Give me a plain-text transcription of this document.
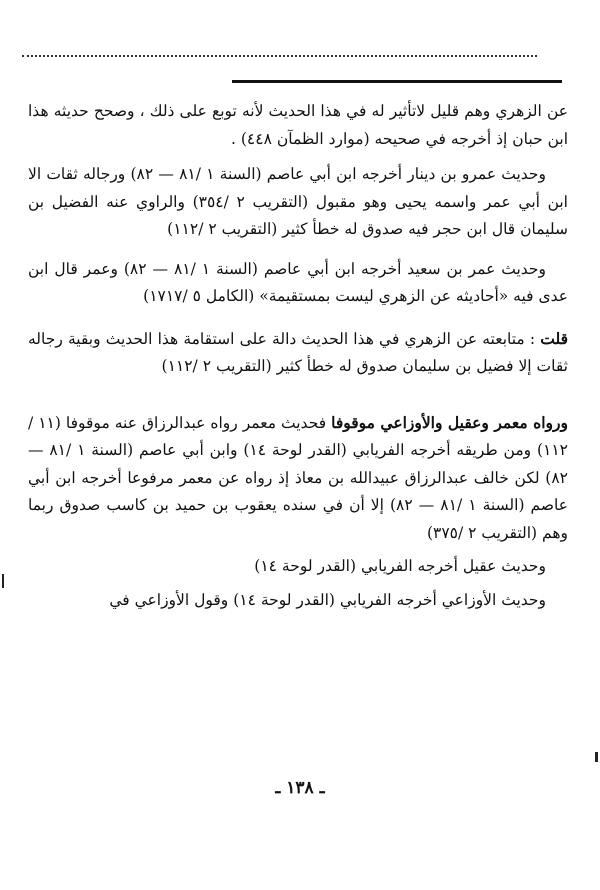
عن الزهري وهم قليل لاتأثير له في هذا الحديث لأنه توبع على ذلك ، وصحح حديثه هذا ابن حبان إذ أخرجه في صحيحه (موارد الظمآن ٤٤٨) .

وحديث عمرو بن دينار أخرجه ابن أبي عاصم (السنة ١ /٨١ — ٨٢) ورجاله ثقات الا ابن أبي عمر واسمه يحيى وهو مقبول (التقريب ٢ /٣٥٤) والراوي عنه الفضيل بن سليمان قال ابن حجر فيه صدوق له خطأ كثير (التقريب ٢ /١١٢)

وحديث عمر بن سعيد أخرجه ابن أبي عاصم (السنة ١ /٨١ — ٨٢) وعمر قال ابن عدى فيه «أحاديثه عن الزهري ليست بمستقيمة» (الكامل ٥ /١٧١٧)

قلت : متابعته عن الزهري في هذا الحديث دالة على استقامة هذا الحديث وبقية رجاله ثقات إلا فضيل بن سليمان صدوق له خطأ كثير (التقريب ٢ /١١٢)

ورواه معمر وعقيل والأوزاعي موقوفا فحديث معمر رواه عبدالرزاق عنه موقوفا (١١ /١١٢) ومن طريقه أخرجه الفريابي (القدر لوحة ١٤) وابن أبي عاصم (السنة ١ /٨١ — ٨٢) لكن خالف عبدالرزاق عبيدالله بن معاذ إذ رواه عن معمر مرفوعا أخرجه ابن أبي عاصم (السنة ١ /٨١ — ٨٢) إلا أن في سنده يعقوب بن حميد بن كاسب صدوق ربما وهم (التقريب ٢ /٣٧٥)

وحديث عقيل أخرجه الفريابي (القدر لوحة ١٤)

وحديث الأوزاعي أخرجه الفريابي (القدر لوحة ١٤) وقول الأوزاعي في

ـ ١٣٨ ـ
